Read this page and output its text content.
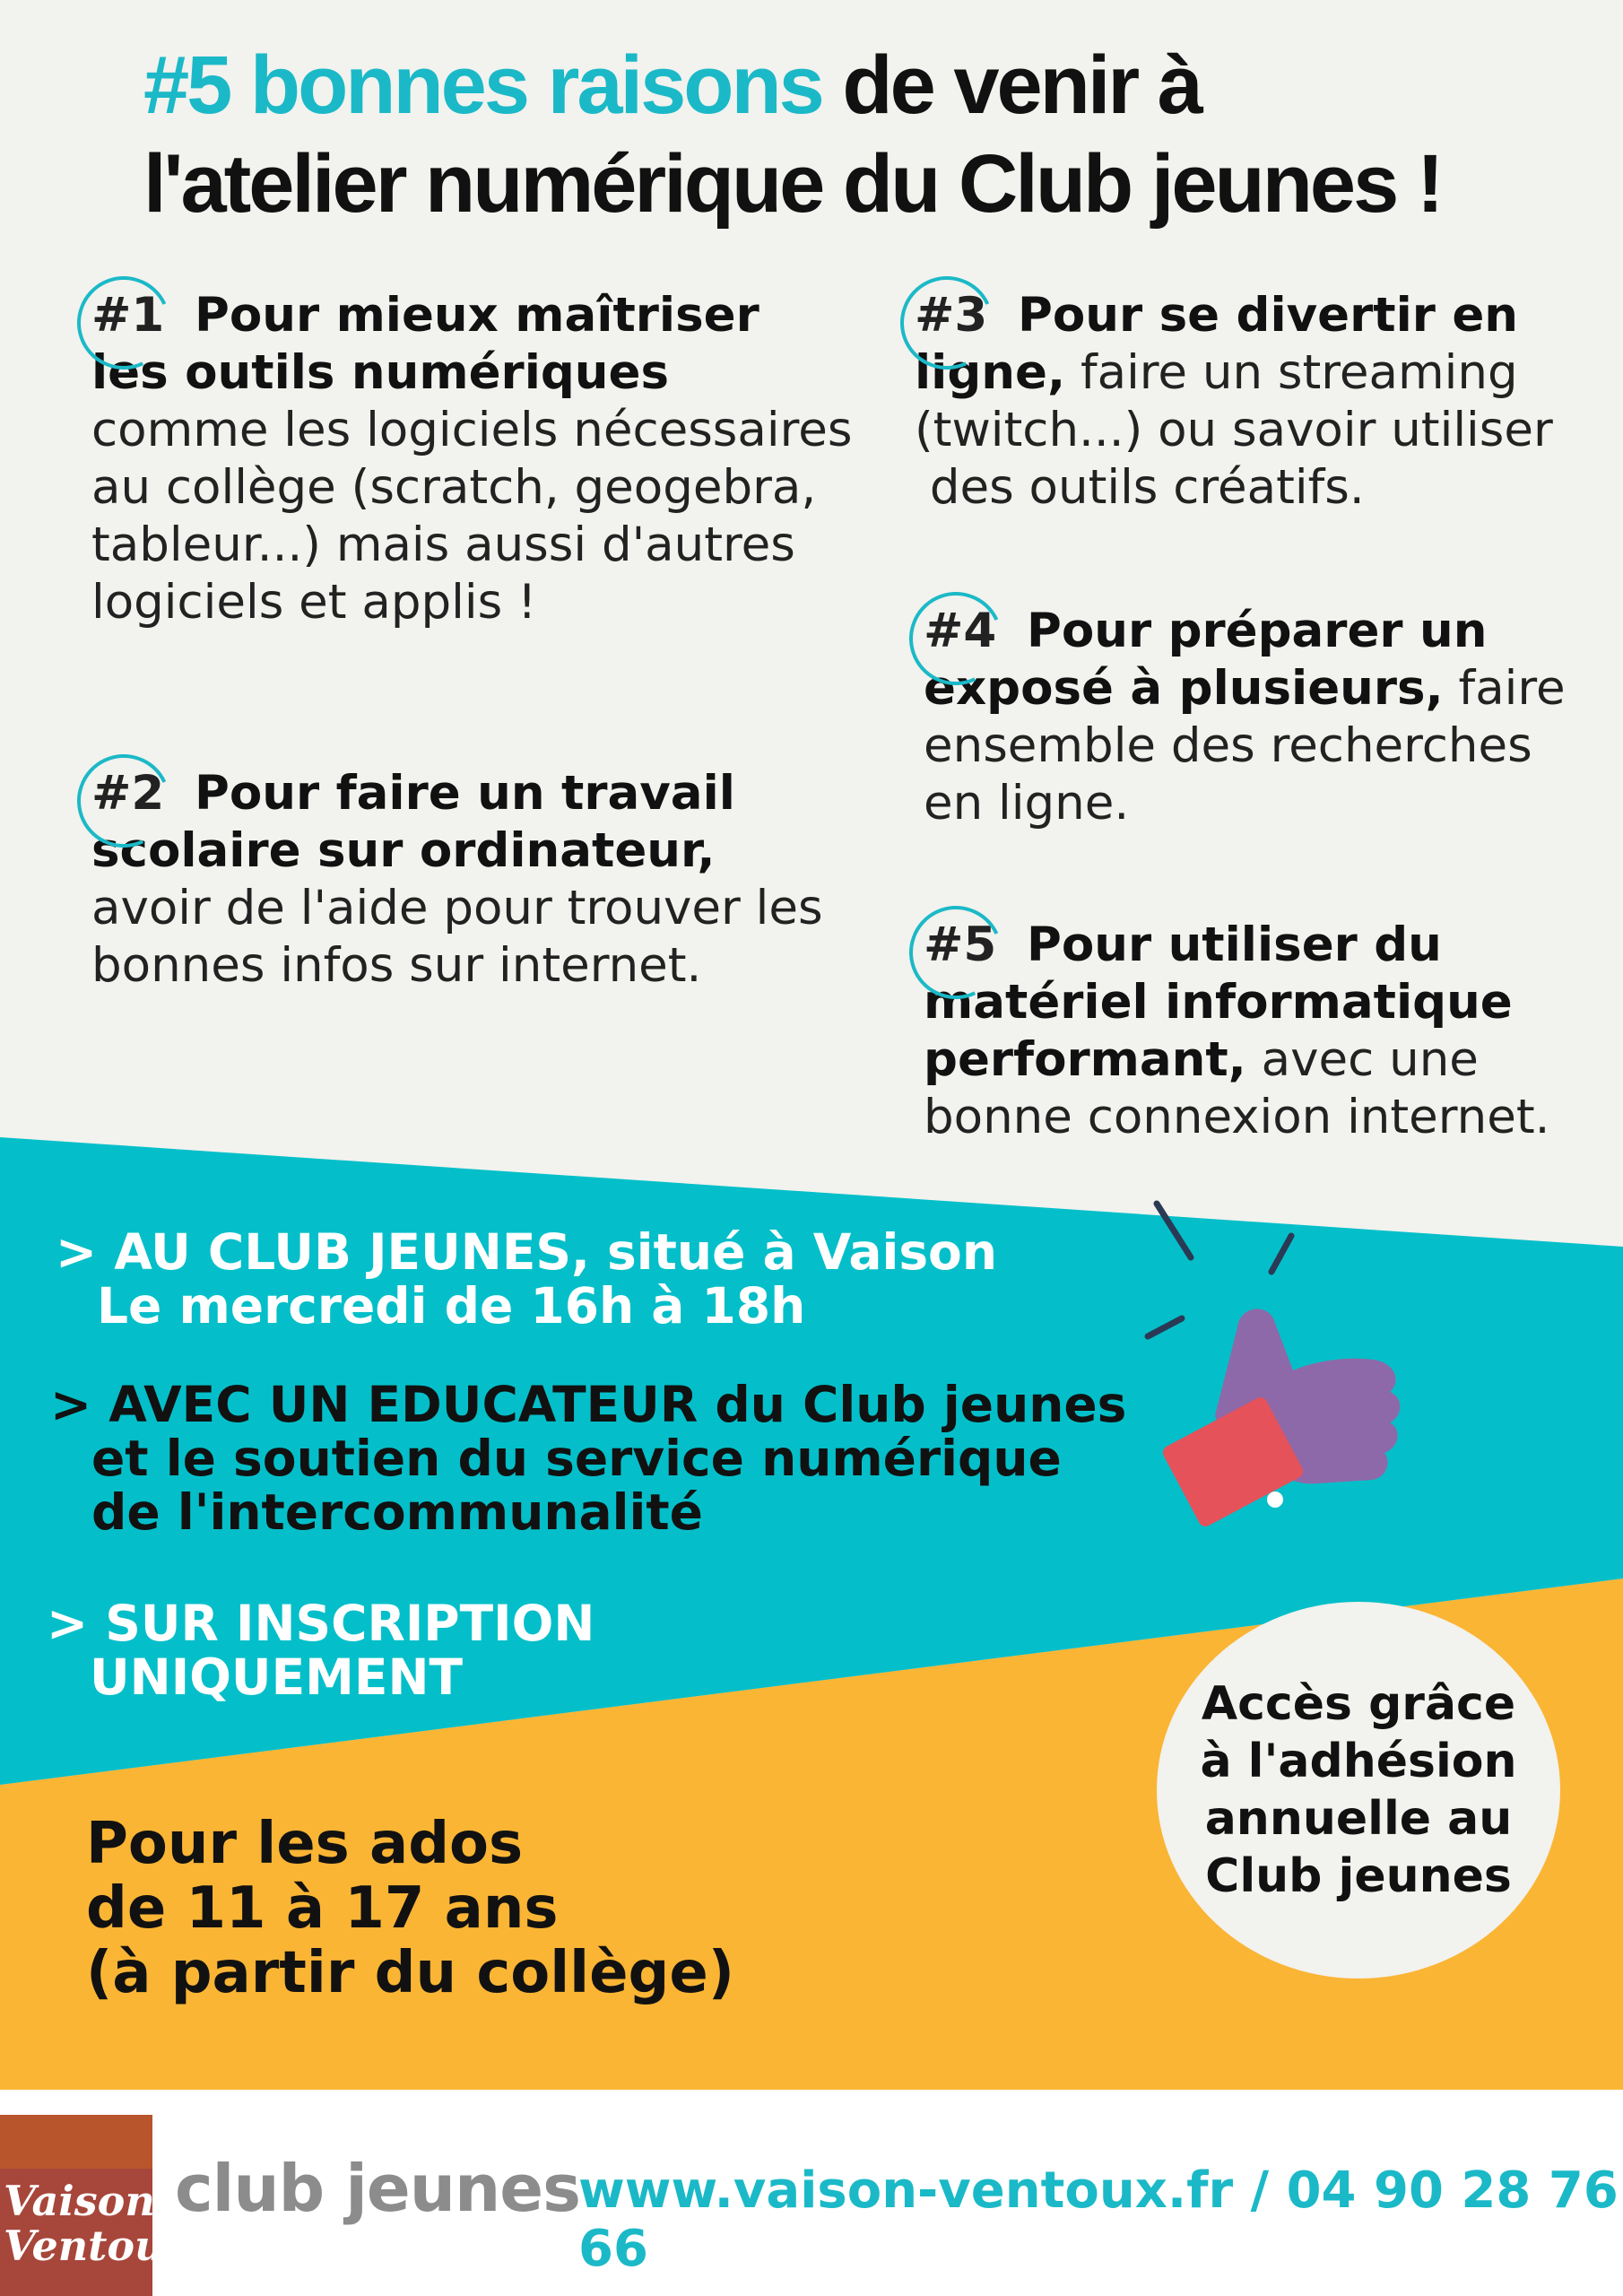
#5 bonnes raisons de venir à
l'atelier numérique du Club jeunes !
#1 Pour mieux maîtriser
les outils numériques
comme les logiciels nécessaires
au collège (scratch, geogebra,
tableur...) mais aussi d'autres
logiciels et applis !
#2 Pour faire un travail
scolaire sur ordinateur,
avoir de l'aide pour trouver les
bonnes infos sur internet.
#3 Pour se divertir en
ligne, faire un streaming
(twitch...) ou savoir utiliser
des outils créatifs.
#4 Pour préparer un
exposé à plusieurs, faire
ensemble des recherches
en ligne.
#5 Pour utiliser du
matériel informatique
performant, avec une
bonne connexion internet.
> AU CLUB JEUNES, situé à Vaison
Le mercredi de 16h à 18h
> AVEC UN EDUCATEUR du Club jeunes
et le soutien du service numérique
de l'intercommunalité
> SUR INSCRIPTION
UNIQUEMENT
Pour les ados
de 11 à 17 ans
(à partir du collège)
Accès grâce
à l'adhésion
annuelle au
Club jeunes
Vaison
Ventoux
club jeunes
www.vaison-ventoux.fr / 04 90 28 76 66
